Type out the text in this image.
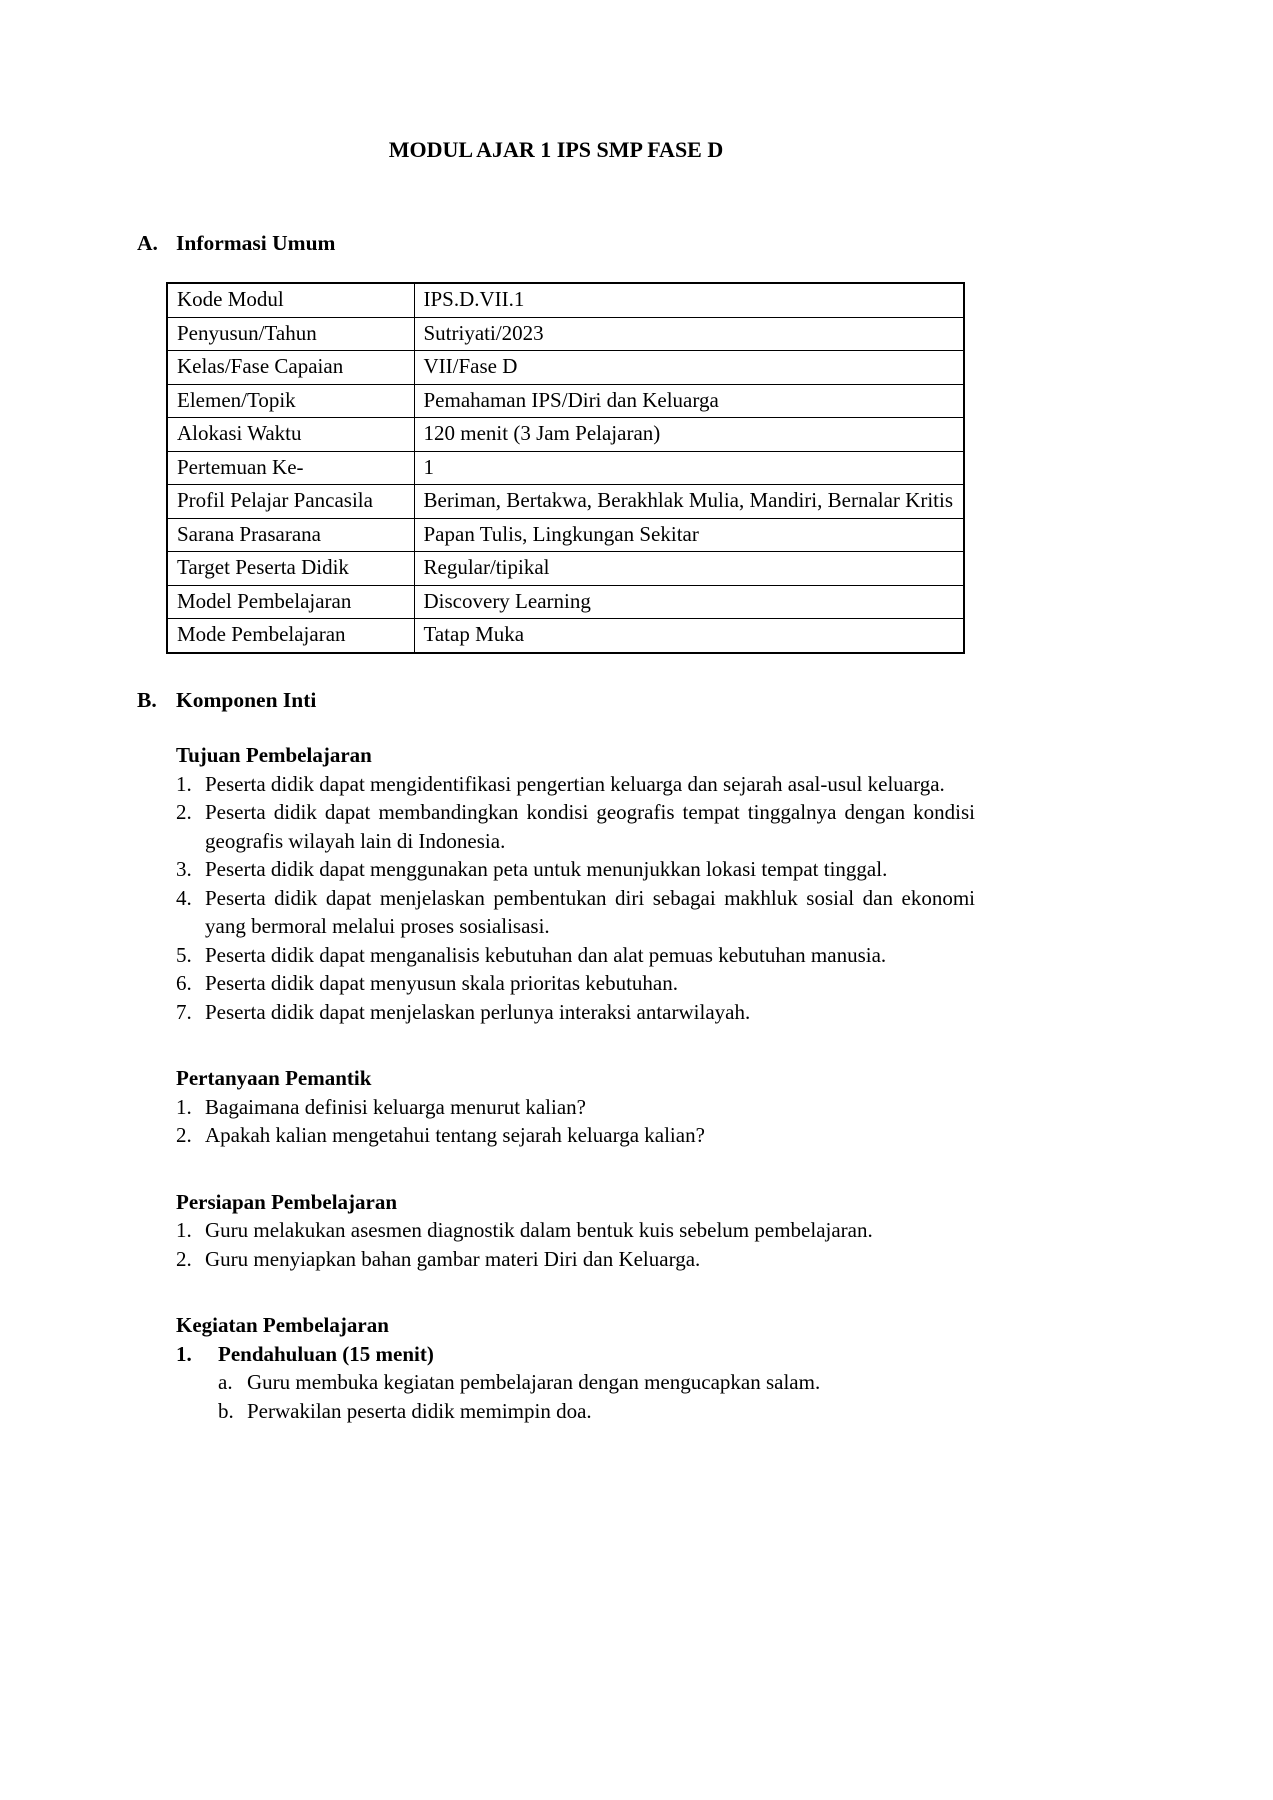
MODUL AJAR 1 IPS SMP FASE D
A. Informasi Umum
Kode Modul	IPS.D.VII.1
Penyusun/Tahun	Sutriyati/2023
Kelas/Fase Capaian	VII/Fase D
Elemen/Topik	Pemahaman IPS/Diri dan Keluarga
Alokasi Waktu	120 menit (3 Jam Pelajaran)
Pertemuan Ke-	1
Profil Pelajar Pancasila	Beriman, Bertakwa, Berakhlak Mulia, Mandiri, Bernalar Kritis
Sarana Prasarana	Papan Tulis, Lingkungan Sekitar
Target Peserta Didik	Regular/tipikal
Model Pembelajaran	Discovery Learning
Mode Pembelajaran	Tatap Muka
B. Komponen Inti
Tujuan Pembelajaran
1. Peserta didik dapat mengidentifikasi pengertian keluarga dan sejarah asal-usul keluarga.
2. Peserta didik dapat membandingkan kondisi geografis tempat tinggalnya dengan kondisi geografis wilayah lain di Indonesia.
3. Peserta didik dapat menggunakan peta untuk menunjukkan lokasi tempat tinggal.
4. Peserta didik dapat menjelaskan pembentukan diri sebagai makhluk sosial dan ekonomi yang bermoral melalui proses sosialisasi.
5. Peserta didik dapat menganalisis kebutuhan dan alat pemuas kebutuhan manusia.
6. Peserta didik dapat menyusun skala prioritas kebutuhan.
7. Peserta didik dapat menjelaskan perlunya interaksi antarwilayah.
Pertanyaan Pemantik
1. Bagaimana definisi keluarga menurut kalian?
2. Apakah kalian mengetahui tentang sejarah keluarga kalian?
Persiapan Pembelajaran
1. Guru melakukan asesmen diagnostik dalam bentuk kuis sebelum pembelajaran.
2. Guru menyiapkan bahan gambar materi Diri dan Keluarga.
Kegiatan Pembelajaran
1.	Pendahuluan (15 menit)
a. Guru membuka kegiatan pembelajaran dengan mengucapkan salam.
b. Perwakilan peserta didik memimpin doa.
